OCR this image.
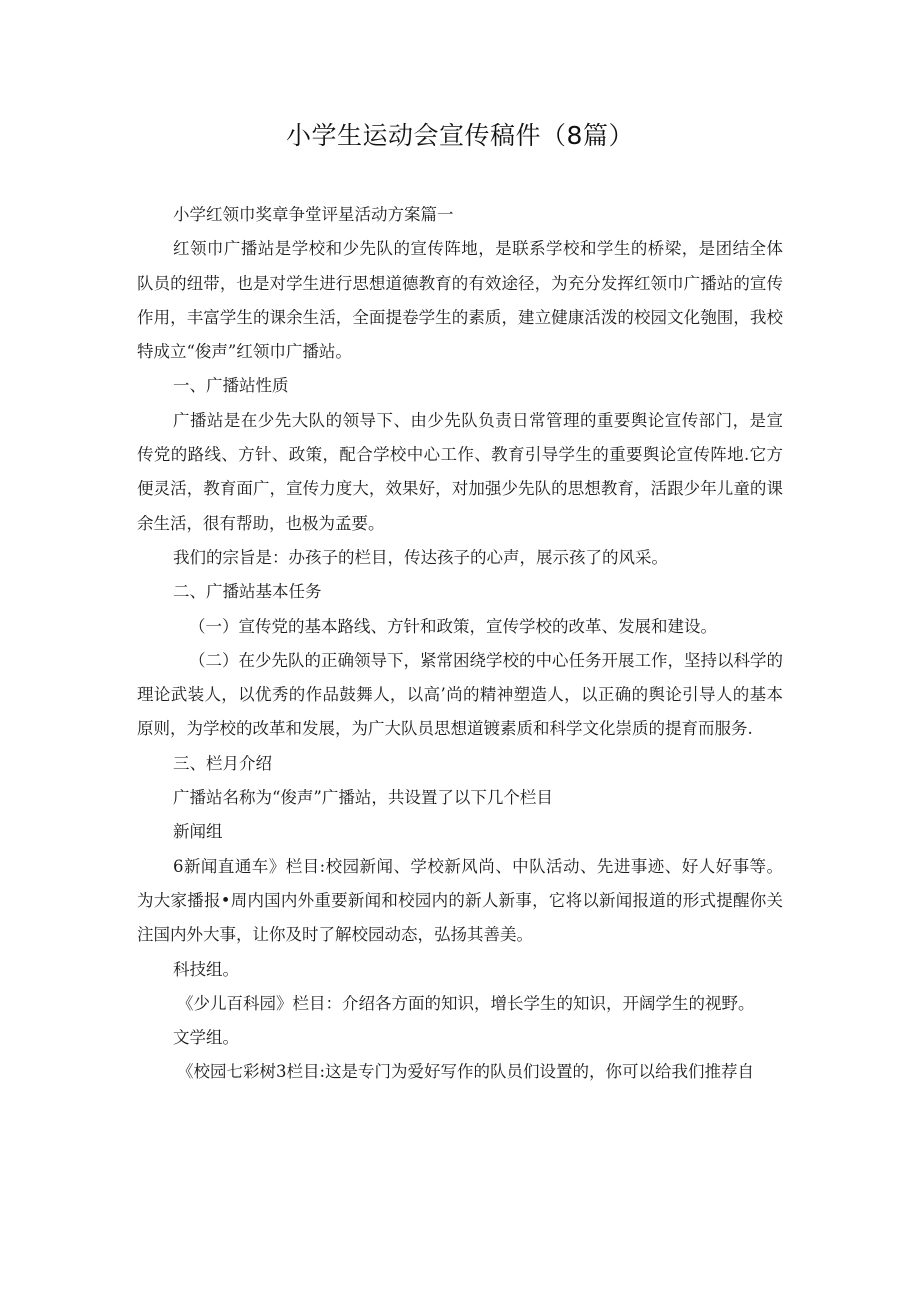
小学生运动会宣传稿件（8篇）

小学红领巾奖章争堂评星活动方案篇一

红领巾广播站是学校和少先队的宣传阵地，是联系学校和学生的桥梁，是团结全体队员的纽带，也是对学生进行思想道德教育的有效途径，为充分发挥红领巾广播站的宣传作用，丰富学生的课余生活，全面提卷学生的素质，建立健康活泼的校园文化匏围，我校特成立“俊声”红领巾广播站。

一、广播站性质

广播站是在少先大队的领导下、由少先队负责日常管理的重要舆论宣传部门，是宣传党的路线、方针、政策，配合学校中心工作、教育引导学生的重要舆论宣传阵地.它方便灵活，教育面广，宣传力度大，效果好，对加强少先队的思想教育，活跟少年儿童的课余生活，很有帮助，也极为孟要。

我们的宗旨是：办孩子的栏目，传达孩子的心声，展示孩了的风采。

二、广播站基本任务

（一）宣传党的基本路线、方针和政策，宣传学校的改革、发展和建设。

（二）在少先队的正确领导下，紧常困绕学校的中心任务开展工作，坚持以科学的理论武装人，以优秀的作品鼓舞人，以高’尚的精神塑造人，以正确的舆论引导人的基本原则，为学校的改革和发展，为广大队员思想道镀素质和科学文化崇质的提育而服务.

三、栏月介绍

广播站名称为“俊声”广播站，共设置了以下几个栏目

新闻组

6新闻直通车》栏目:校园新闻、学校新风尚、中队活动、先进事迹、好人好事等。为大家播报•周内国内外重要新闻和校园内的新人新事，它将以新闻报道的形式提醒你关注国内外大事，让你及时了解校园动态，弘扬其善美。

科技组。

《少儿百科园》栏目：介绍各方面的知识，增长学生的知识，开阔学生的视野。

文学组。

《校园七彩树3栏目:这是专门为爱好写作的队员们设置的，你可以给我们推荐自
